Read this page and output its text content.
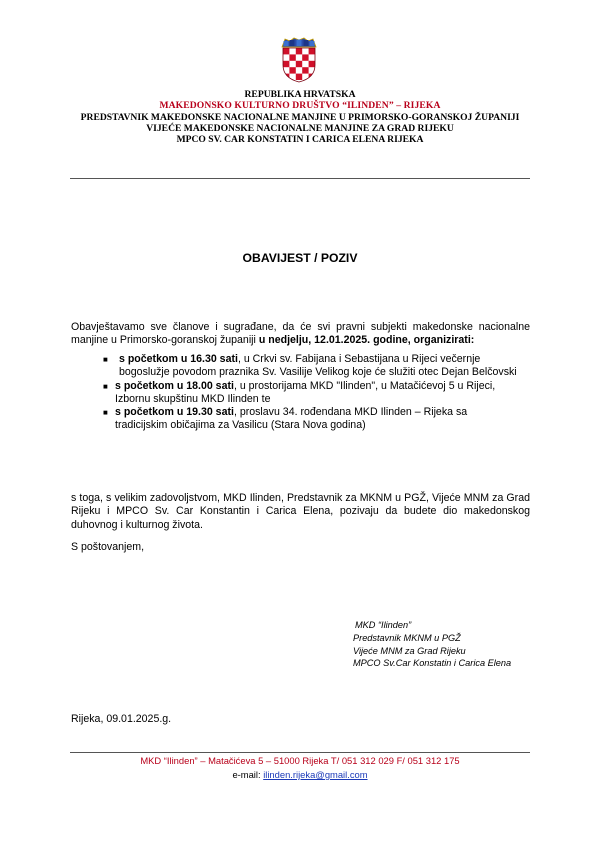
REPUBLIKA HRVATSKA
MAKEDONSKO KULTURNO DRUŠTVO “ILINDEN” – RIJEKA
PREDSTAVNIK MAKEDONSKE NACIONALNE MANJINE U PRIMORSKO-GORANSKOJ ŽUPANIJI
VIJEĆE MAKEDONSKE NACIONALNE MANJINE ZA GRAD RIJEKU
MPCO SV. CAR KONSTATIN I CARICA ELENA RIJEKA
OBAVIJEST / POZIV
Obavještavamo sve članove i sugrađane, da će svi pravni subjekti makedonske nacionalne manjine u Primorsko-goranskoj županiji u nedjelju, 12.01.2025. godine, organizirati:
■ s početkom u 16.30 sati, u Crkvi sv. Fabijana i Sebastijana u Rijeci večernje
bogoslužje povodom praznika Sv. Vasilije Velikog koje će služiti otec Dejan Belčovski
■ s početkom u 18.00 sati, u prostorijama MKD "Ilinden", u Matačićevoj 5 u Rijeci,
Izbornu skupštinu MKD Ilinden te
■ s početkom u 19.30 sati, proslavu 34. rođendana MKD Ilinden – Rijeka sa
tradicijskim običajima za Vasilicu (Stara Nova godina)
s toga, s velikim zadovoljstvom, MKD Ilinden, Predstavnik za MKNM u PGŽ, Vijeće MNM za Grad Rijeku i MPCO Sv. Car Konstantin i Carica Elena, pozivaju da budete dio makedonskog duhovnog i kulturnog života.
S poštovanjem,
MKD “Ilinden”
Predstavnik MKNM u PGŽ
Vijeće MNM za Grad Rijeku
MPCO Sv.Car Konstatin i Carica Elena
Rijeka, 09.01.2025.g.
MKD “Ilinden” – Matačićeva 5 – 51000 Rijeka T/ 051 312 029 F/ 051 312 175
e-mail: ilinden.rijeka@gmail.com
